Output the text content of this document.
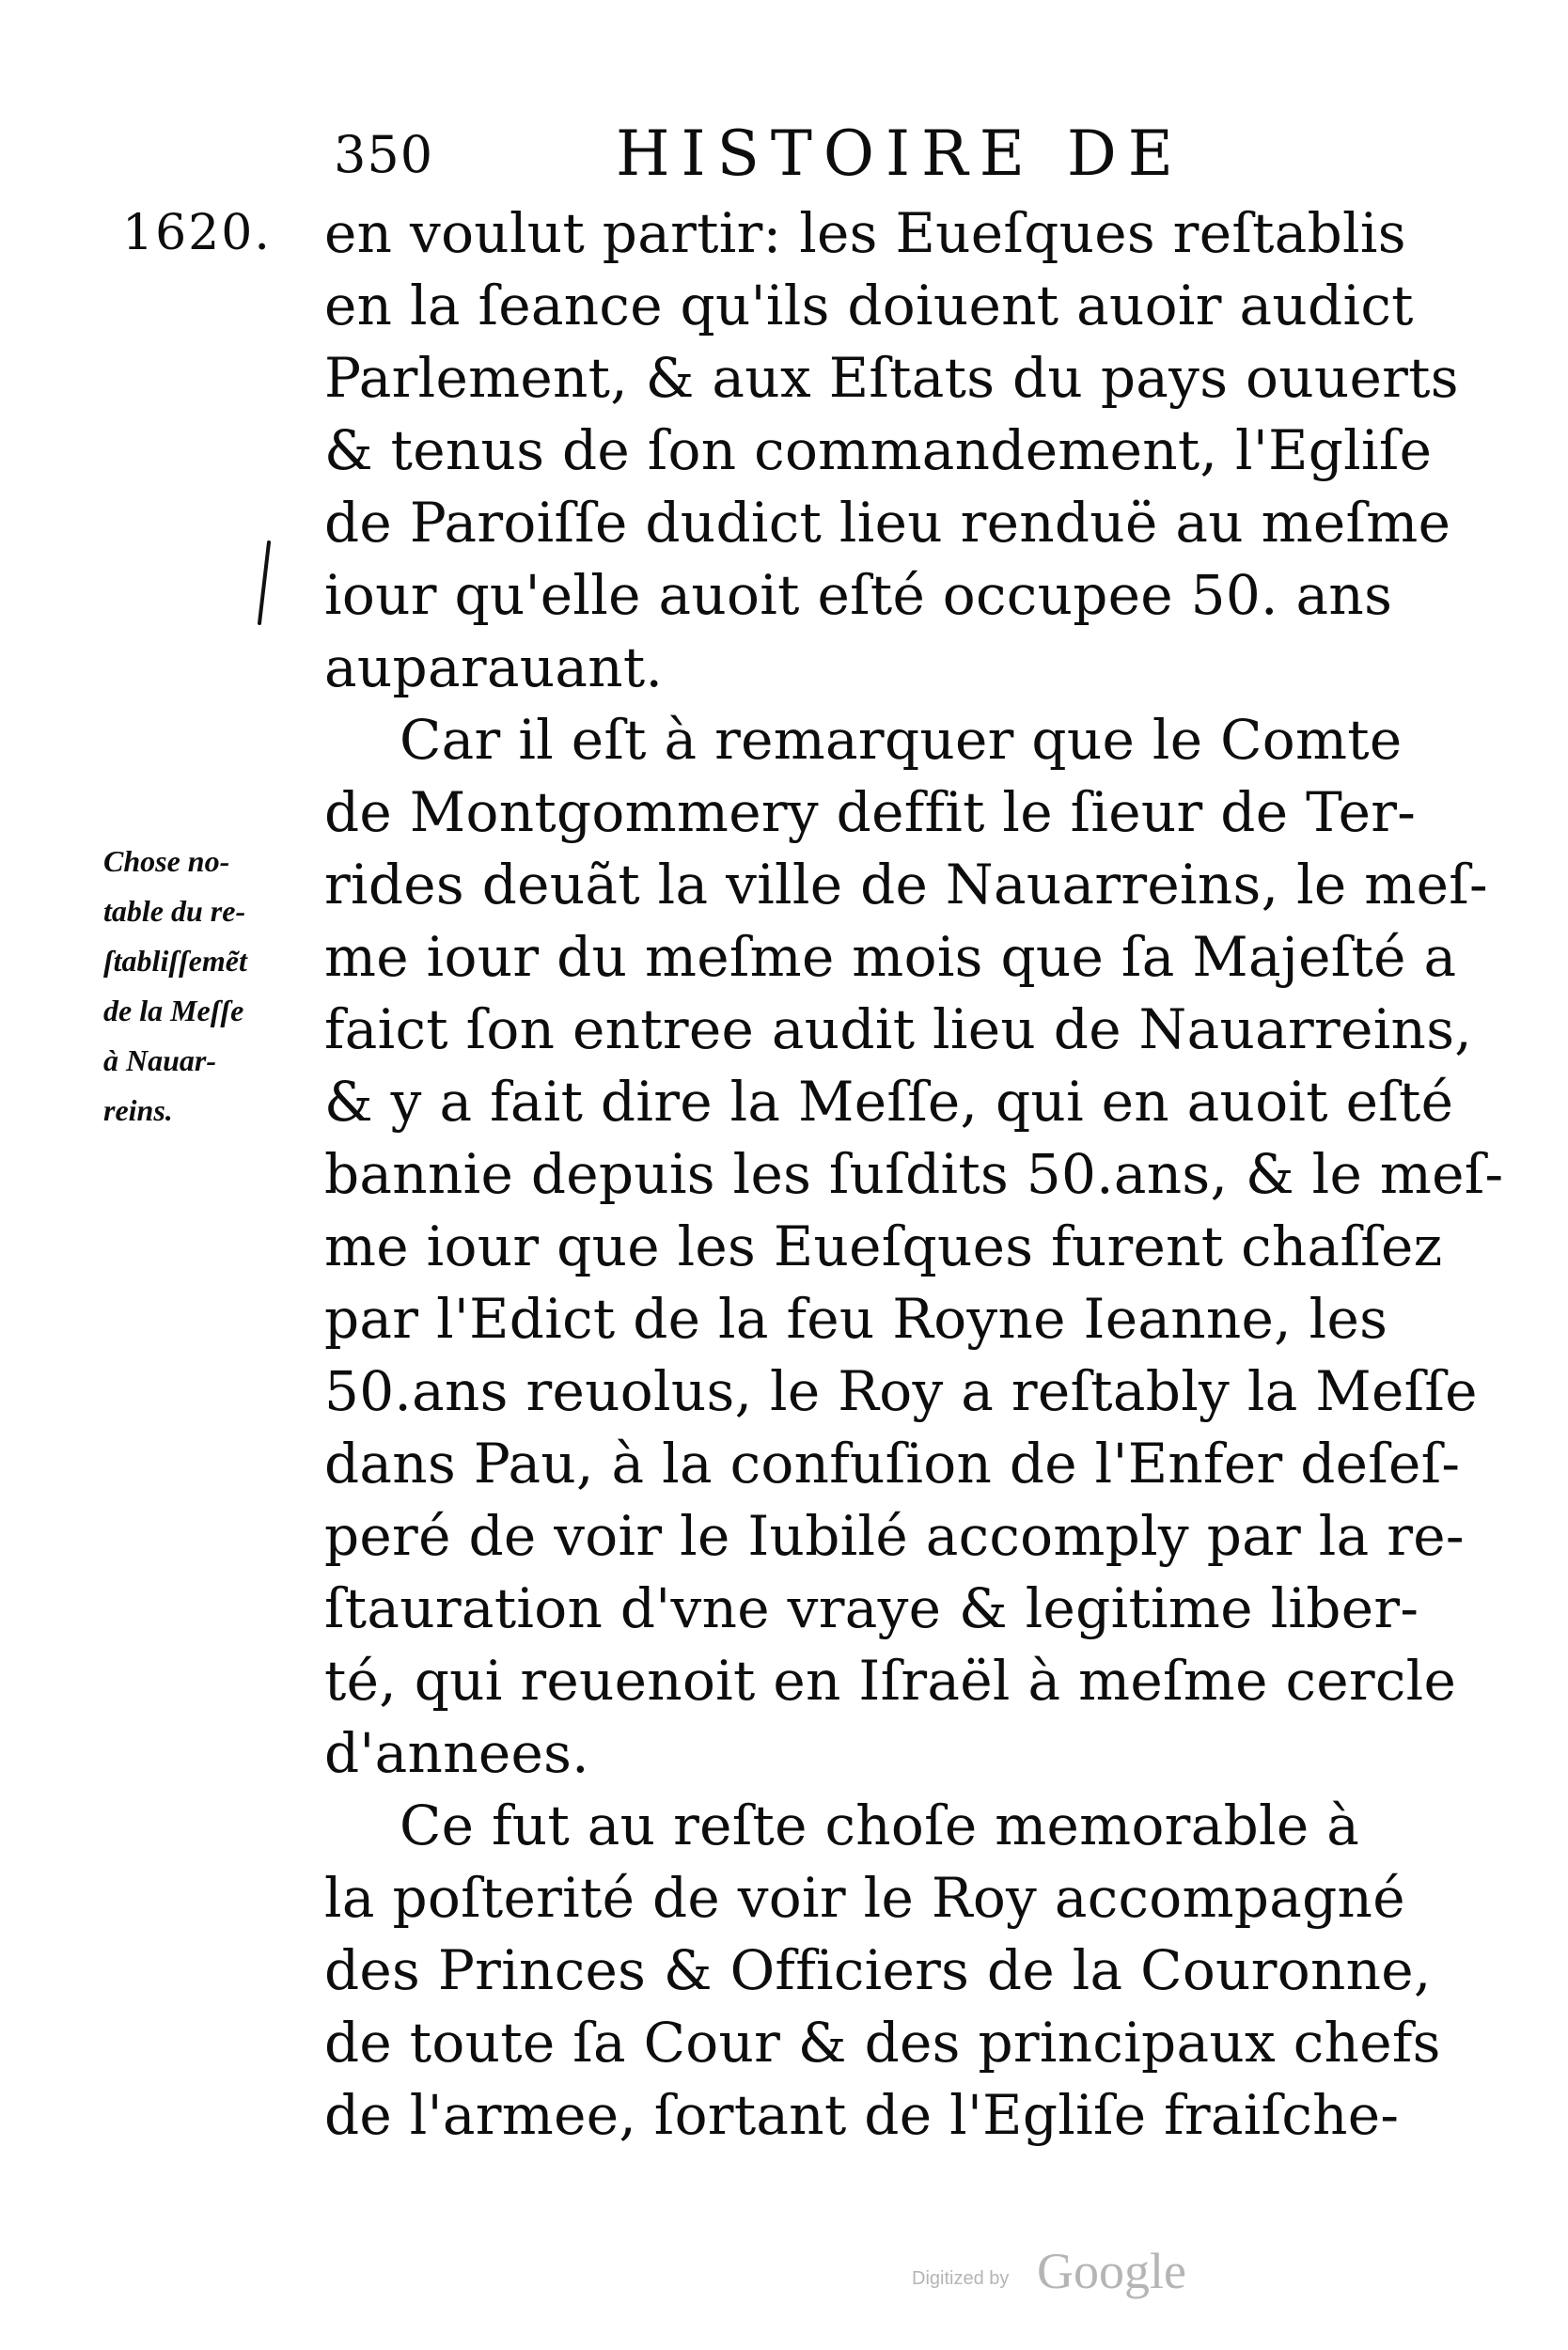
350	HISTOIRE DE
1620.
Chose no-
table du re-
ſtabliſſemẽt
de la Meſſe
à Nauar-
reins.
en voulut partir: les Eueſques reſtablis
en la ſeance qu'ils doiuent auoir audict
Parlement, & aux Eſtats du pays ouuerts
& tenus de ſon commandement, l'Egliſe
de Paroiſſe dudict lieu renduë au meſme
iour qu'elle auoit eſté occupee 50. ans
auparauant.
Car il eſt à remarquer que le Comte
de Montgommery deffit le ſieur de Ter-
rides deuãt la ville de Nauarreins, le meſ-
me iour du meſme mois que ſa Majeſté a
faict ſon entree audit lieu de Nauarreins,
& y a fait dire la Meſſe, qui en auoit eſté
bannie depuis les ſuſdits 50.ans, & le meſ-
me iour que les Eueſques furent chaſſez
par l'Edict de la feu Royne Ieanne, les
50.ans reuolus, le Roy a reſtably la Meſſe
dans Pau, à la confuſion de l'Enfer deſeſ-
peré de voir le Iubilé accomply par la re-
ſtauration d'vne vraye & legitime liber-
té, qui reuenoit en Iſraël à meſme cercle
d'annees.
Ce fut au reſte choſe memorable à
la poſterité de voir le Roy accompagné
des Princes & Officiers de la Couronne,
de toute ſa Cour & des principaux chefs
de l'armee, ſortant de l'Egliſe fraiſche-
Digitized by Google
